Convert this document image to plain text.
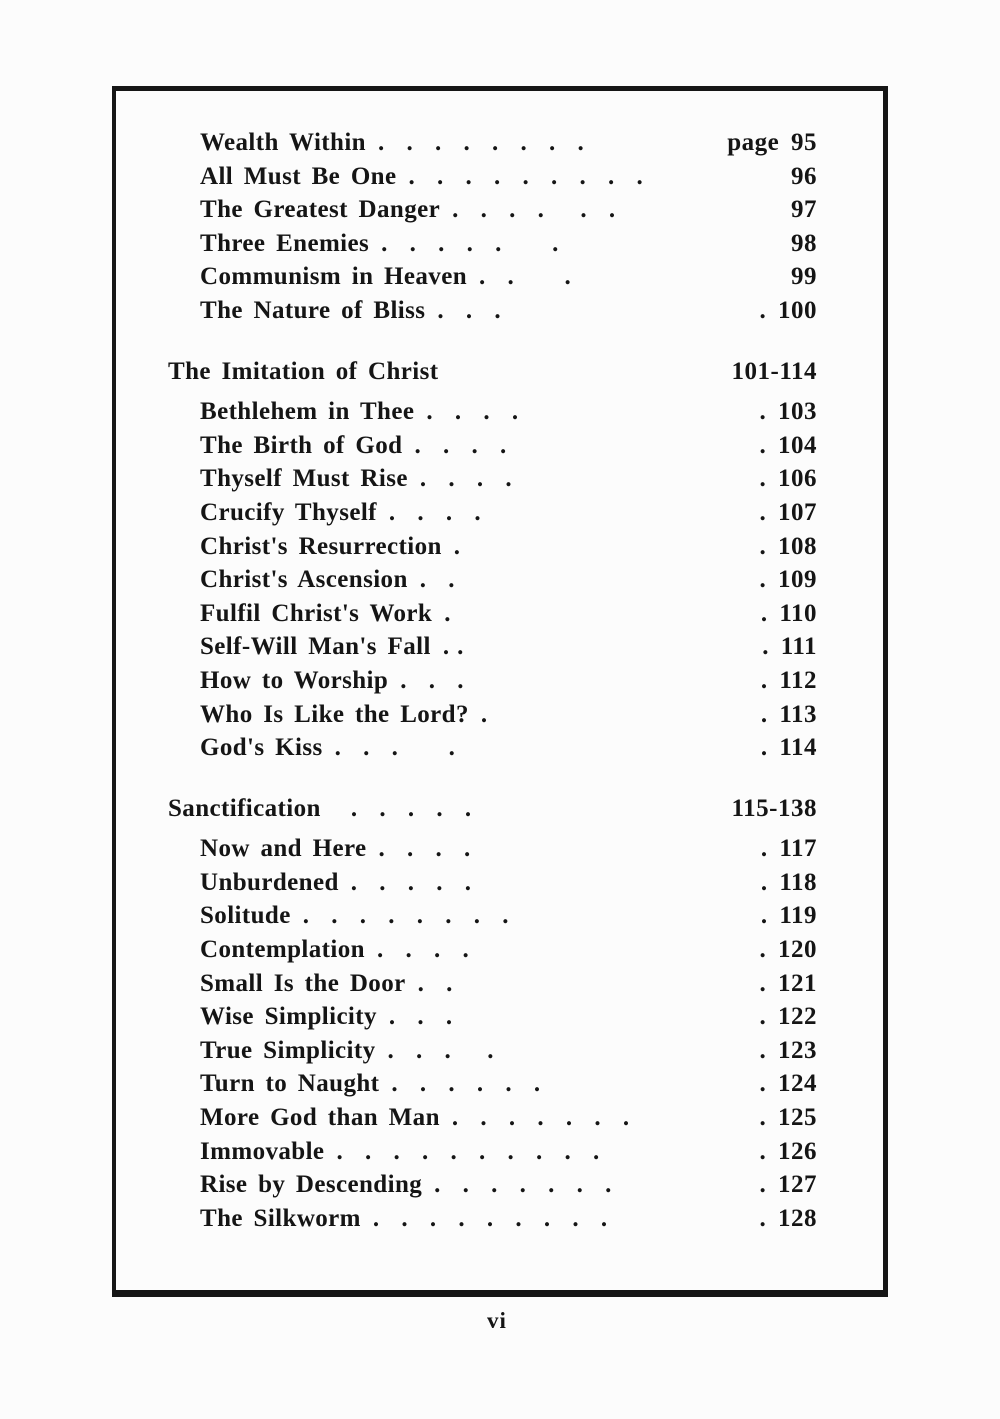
Wealth Within . . . . . . . .	page 95
All Must Be One . . . . . . . . .	96
The Greatest Danger . . . .  . .	97
Three Enemies . . . . .   .	98
Communism in Heaven . .   .	99
The Nature of Bliss . . .	. 100
The Imitation of Christ	101-114
Bethlehem in Thee . . . .	. 103
The Birth of God . . . .	. 104
Thyself Must Rise . . . .	. 106
Crucify Thyself . . . .	. 107
Christ's Resurrection .	. 108
Christ's Ascension . .	. 109
Fulfil Christ's Work .	. 110
Self-Will Man's Fall ..	. 111
How to Worship . . .	. 112
Who Is Like the Lord? .	. 113
God's Kiss . . .   .	. 114
Sanctification . . . . .	115-138
Now and Here . . . .	. 117
Unburdened . . . . .	. 118
Solitude . . . . . . . .	. 119
Contemplation . . . .	. 120
Small Is the Door . .	. 121
Wise Simplicity . . .	. 122
True Simplicity . . .  .	. 123
Turn to Naught . . . . . .	. 124
More God than Man . . . . . . .	. 125
Immovable . . . . . . . . . .	. 126
Rise by Descending . . . . . . .	. 127
The Silkworm . . . . . . . . .	. 128
vi
